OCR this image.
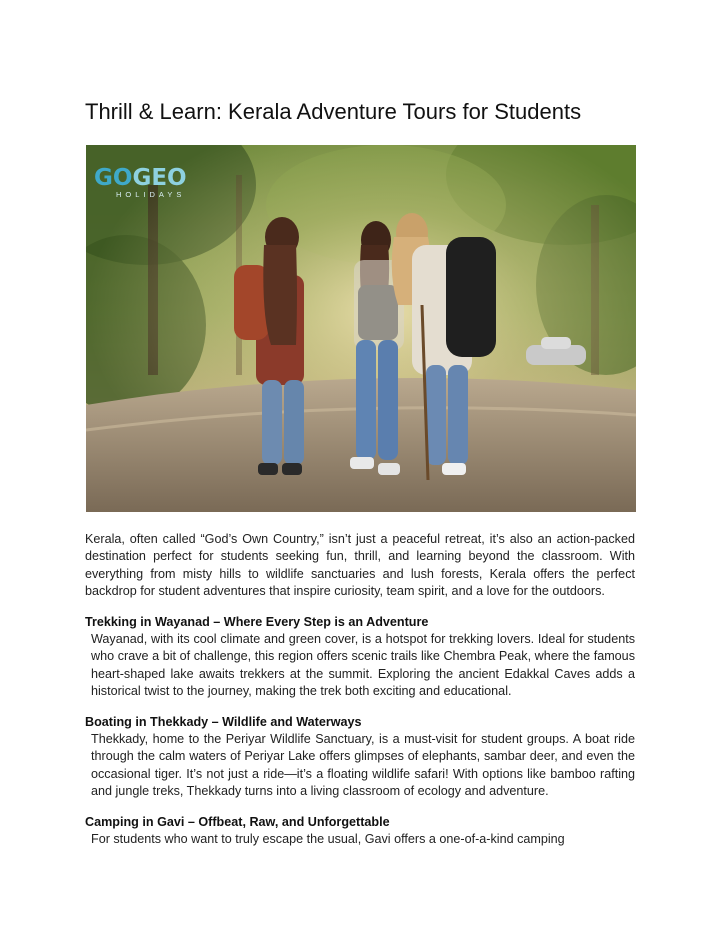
Thrill & Learn: Kerala Adventure Tours for Students
GOGEO
HOLIDAYS

Kerala, often called “God’s Own Country,” isn’t just a peaceful retreat, it’s also an action-packed destination perfect for students seeking fun, thrill, and learning beyond the classroom. With everything from misty hills to wildlife sanctuaries and lush forests, Kerala offers the perfect backdrop for student adventures that inspire curiosity, team spirit, and a love for the outdoors.

Trekking in Wayanad – Where Every Step is an Adventure

Wayanad, with its cool climate and green cover, is a hotspot for trekking lovers. Ideal for students who crave a bit of challenge, this region offers scenic trails like Chembra Peak, where the famous heart-shaped lake awaits trekkers at the summit. Exploring the ancient Edakkal Caves adds a historical twist to the journey, making the trek both exciting and educational.

Boating in Thekkady – Wildlife and Waterways

Thekkady, home to the Periyar Wildlife Sanctuary, is a must-visit for student groups. A boat ride through the calm waters of Periyar Lake offers glimpses of elephants, sambar deer, and even the occasional tiger. It’s not just a ride—it’s a floating wildlife safari! With options like bamboo rafting and jungle treks, Thekkady turns into a living classroom of ecology and adventure.

Camping in Gavi – Offbeat, Raw, and Unforgettable

For students who want to truly escape the usual, Gavi offers a one-of-a-kind camping
